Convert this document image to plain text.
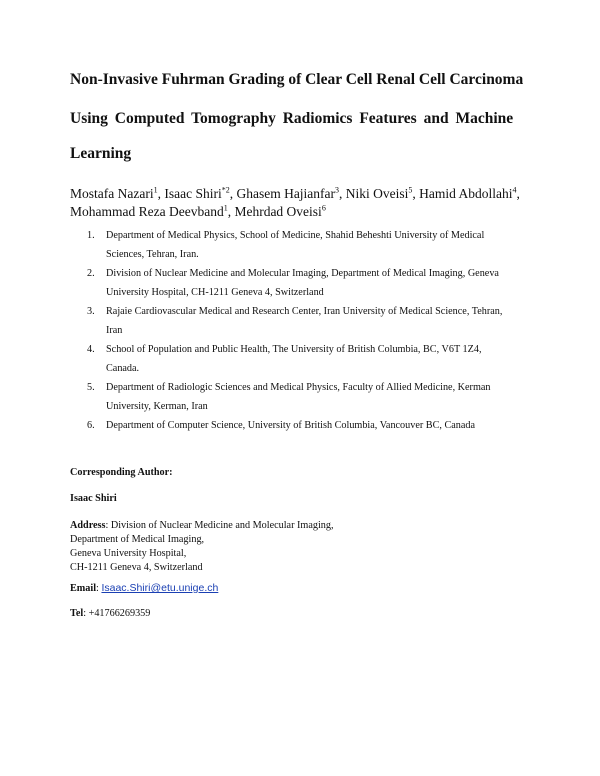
Non-Invasive Fuhrman Grading of Clear Cell Renal Cell Carcinoma
Using Computed Tomography Radiomics Features and Machine
Learning
Mostafa Nazari$^1$, Isaac Shiri$^{*2}$, Ghasem Hajianfar$^3$, Niki Oveisi$^5$, Hamid Abdollahi$^4$,
Mohammad Reza Deevband$^1$, Mehrdad Oveisi$^6$
1. Department of Medical Physics, School of Medicine, Shahid Beheshti University of Medical
Sciences, Tehran, Iran.
2. Division of Nuclear Medicine and Molecular Imaging, Department of Medical Imaging, Geneva
University Hospital, CH-1211 Geneva 4, Switzerland
3. Rajaie Cardiovascular Medical and Research Center, Iran University of Medical Science, Tehran,
Iran
4. School of Population and Public Health, The University of British Columbia, BC, V6T 1Z4,
Canada.
5. Department of Radiologic Sciences and Medical Physics, Faculty of Allied Medicine, Kerman
University, Kerman, Iran
6. Department of Computer Science, University of British Columbia, Vancouver BC, Canada
Corresponding Author:
Isaac Shiri
Address: Division of Nuclear Medicine and Molecular Imaging,
Department of Medical Imaging,
Geneva University Hospital,
CH-1211 Geneva 4, Switzerland
Email: Isaac.Shiri@etu.unige.ch
Tel: +41766269359
